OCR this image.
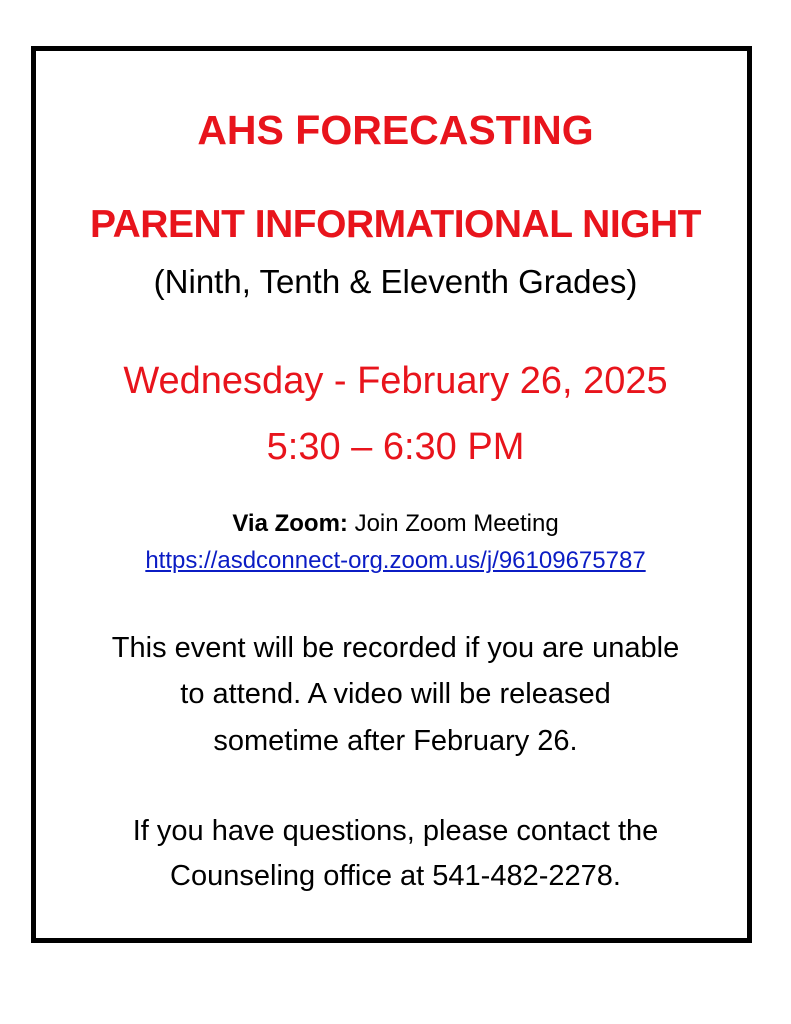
AHS FORECASTING
PARENT INFORMATIONAL NIGHT
(Ninth, Tenth & Eleventh Grades)
Wednesday - February 26, 2025
5:30 – 6:30 PM
Via Zoom: Join Zoom Meeting
https://asdconnect-org.zoom.us/j/96109675787
This event will be recorded if you are unable
to attend. A video will be released
sometime after February 26.
If you have questions, please contact the
Counseling office at 541-482-2278.
